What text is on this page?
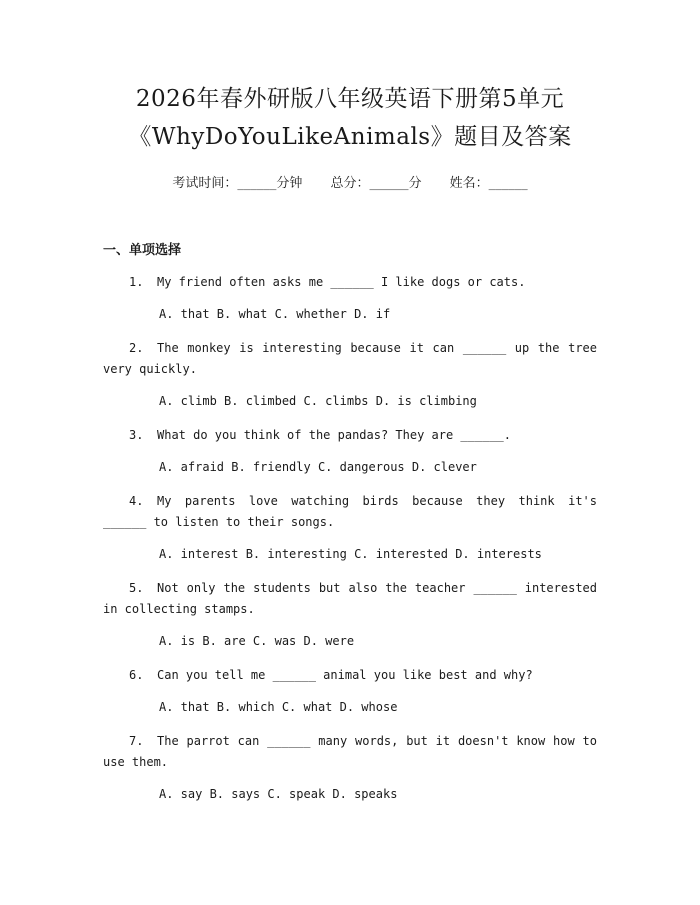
2026年春外研版八年级英语下册第5单元
《WhyDoYouLikeAnimals》题目及答案
考试时间：______分钟 总分：______分 姓名：______
一、单项选择
1. My friend often asks me ______ I like dogs or cats.
A. that B. what C. whether D. if
2. The monkey is interesting because it can ______ up the tree very quickly.
A. climb B. climbed C. climbs D. is climbing
3. What do you think of the pandas? They are ______.
A. afraid B. friendly C. dangerous D. clever
4. My parents love watching birds because they think it's ______ to listen to their songs.
A. interest B. interesting C. interested D. interests
5. Not only the students but also the teacher ______ interested in collecting stamps.
A. is B. are C. was D. were
6. Can you tell me ______ animal you like best and why?
A. that B. which C. what D. whose
7. The parrot can ______ many words, but it doesn't know how to use them.
A. say B. says C. speak D. speaks
